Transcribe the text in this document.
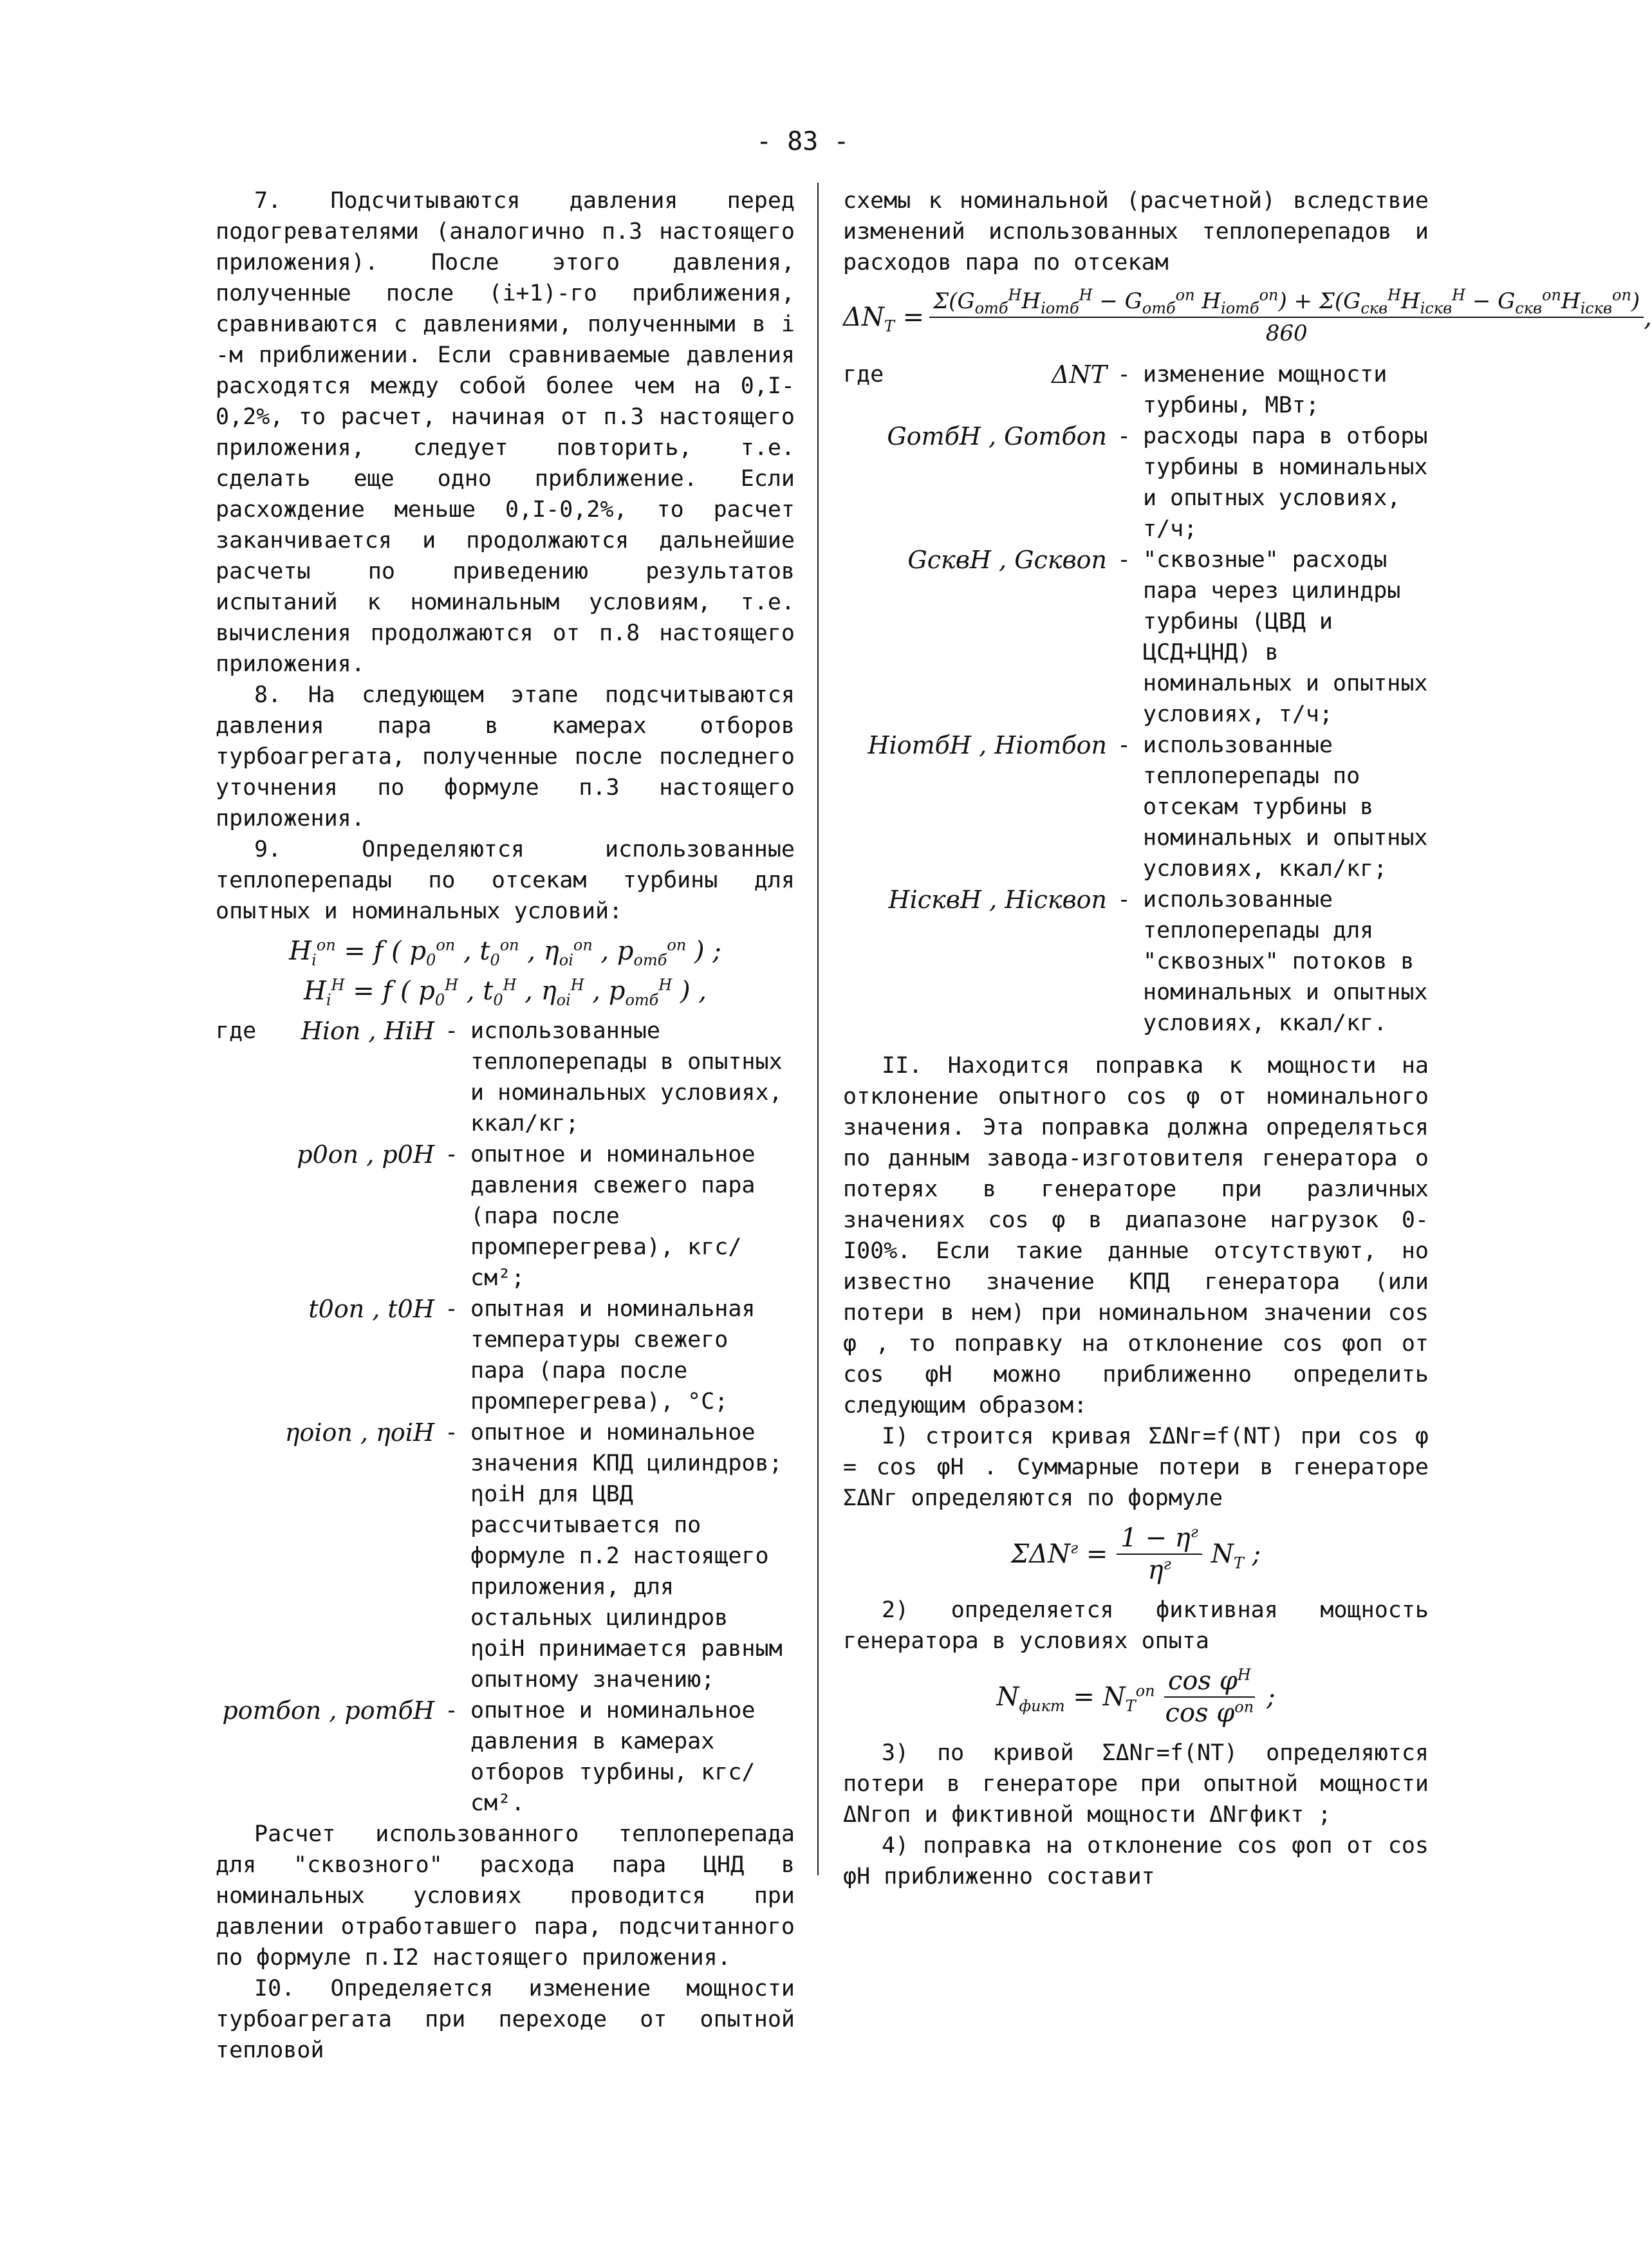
- 83 -

7. Подсчитываются давления перед подогревателями (аналогично п.3 настоящего приложения). После этого давления, полученные после (i+1)-го приближения, сравниваются с давлениями, полученными в i -м приближении. Если сравниваемые давления расходятся между собой более чем на 0,I-0,2%, то расчет, начиная от п.3 настоящего приложения, следует повторить, т.е. сделать еще одно приближение. Если расхождение меньше 0,I-0,2%, то расчет заканчивается и продолжаются дальнейшие расчеты по приведению результатов испытаний к номинальным условиям, т.е. вычисления продолжаются от п.8 настоящего приложения.

8. На следующем этапе подсчитываются давления пара в камерах отборов турбоагрегата, полученные после последнего уточнения по формуле п.3 настоящего приложения.

9. Определяются использованные теплоперепады по отсекам турбины для опытных и номинальных условий:

$H_i^{оп} = f$ ( $p_0^{оп}$ , $t_0^{оп}$ , $\eta_{oi}^{оп}$ , $p_{отб}^{оп}$ ) ;
$H_i^H = f$ ( $p_0^H$ , $t_0^H$ , $\eta_{oi}^H$ , $p_{отб}^H$ ) ,
где	Hiоп , HiH - использованные теплоперепады в опытных и номинальных условиях, ккал/кг;
p0оп , p0H - опытное и номинальное давления свежего пара (пара после промперегрева), кгс/см²;
t0оп , t0H - опытная и номинальная температуры свежего пара (пара после промперегрева), °C;
ηoiоп , ηoiH - опытное и номинальное значения КПД цилиндров; ηoiH для ЦВД рассчитывается по формуле п.2 настоящего приложения, для остальных цилиндров ηoiH принимается равным опытному значению;
pотбоп , pотбH - опытное и номинальное давления в камерах отборов турбины, кгс/см².

Расчет использованного теплоперепада для "сквозного" расхода пара ЦНД в номинальных условиях проводится при давлении отработавшего пара, подсчитанного по формуле п.I2 настоящего приложения.

I0. Определяется изменение мощности турбоагрегата при переходе от опытной тепловой

схемы к номинальной (расчетной) вследствие изменений использованных теплоперепадов и расходов пара по отсекам

$\Delta N_T$ =
$\Sigma(G_{отб}^HH_{iотб}^H - G_{отб}^{оп}$ $H_{iотб}^{оп}) + \Sigma(G_{скв}^HH_{iскв}^H - G_{скв}^{оп}H_{iскв}^{оп})$
860
,
где	ΔNT - изменение мощности турбины, МВт;
GотбH , Gотбоп - расходы пара в отборы турбины в номинальных и опытных условиях, т/ч;
GсквH , Gсквоп - "сквозные" расходы пара через цилиндры турбины (ЦВД и ЦСД+ЦНД) в номинальных и опытных условиях, т/ч;
HiотбH , Hiотбоп - использованные теплоперепады по отсекам турбины в номинальных и опытных условиях, ккал/кг;
HiсквH , Hiсквоп - использованные теплоперепады для "сквозных" потоков в номинальных и опытных условиях, ккал/кг.

II. Находится поправка к мощности на отклонение опытного cos φ от номинального значения. Эта поправка должна определяться по данным завода-изготовителя генератора о потерях в генераторе при различных значениях cos φ в диапазоне нагрузок 0-I00%. Если такие данные отсутствуют, но известно значение КПД генератора (или потери в нем) при номинальном значении cos φ , то поправку на отклонение cos φоп от cos φH можно приближенно определить следующим образом:

I) строится кривая ΣΔNг=f(NT) при cos φ = cos φH . Суммарные потери в генераторе ΣΔNг определяются по формуле

$\Sigma\Delta N^г = \frac{1 - \eta^г}{\eta^г} N_T$ ;

2) определяется фиктивная мощность генератора в условиях опыта

$N_{фикт} = N_T^{оп} \frac{\cos \varphi^H}{\cos \varphi^{оп}}$ ;

3) по кривой ΣΔNг=f(NT) определяются потери в генераторе при опытной мощности ΔNгоп и фиктивной мощности ΔNгфикт ;

4) поправка на отклонение cos φоп от cos φH приближенно составит
